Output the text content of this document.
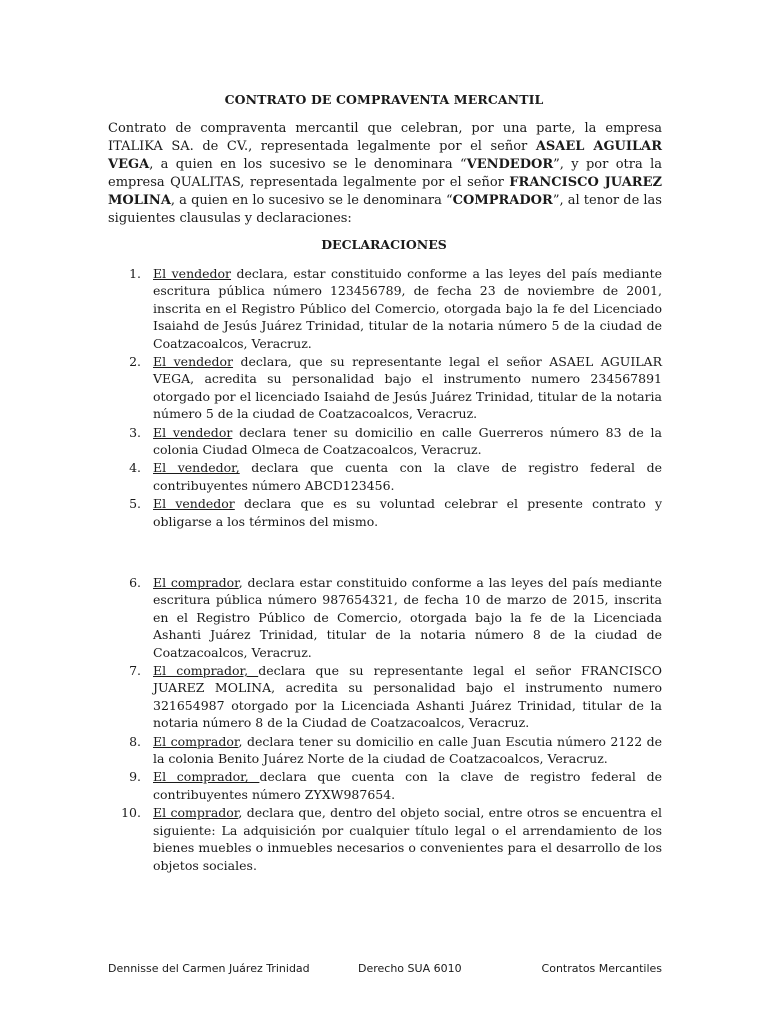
CONTRATO DE COMPRAVENTA MERCANTIL

Contrato de compraventa mercantil que celebran, por una parte, la empresa ITALIKA SA. de CV., representada legalmente por el señor ASAEL AGUILAR VEGA, a quien en los sucesivo se le denominara “VENDEDOR”, y por otra la empresa QUALITAS, representada legalmente por el señor FRANCISCO JUAREZ MOLINA, a quien en lo sucesivo se le denominara “COMPRADOR”, al tenor de las siguientes clausulas y declaraciones:

DECLARACIONES
1. El vendedor declara, estar constituido conforme a las leyes del país mediante escritura pública número 123456789, de fecha 23 de noviembre de 2001, inscrita en el Registro Público del Comercio, otorgada bajo la fe del Licenciado Isaiahd de Jesús Juárez Trinidad, titular de la notaria número 5 de la ciudad de Coatzacoalcos, Veracruz.
2. El vendedor declara, que su representante legal el señor ASAEL AGUILAR VEGA, acredita su personalidad bajo el instrumento numero 234567891 otorgado por el licenciado Isaiahd de Jesús Juárez Trinidad, titular de la notaria número 5 de la ciudad de Coatzacoalcos, Veracruz.
3. El vendedor declara tener su domicilio en calle Guerreros número 83 de la colonia Ciudad Olmeca de Coatzacoalcos, Veracruz.
4. El vendedor, declara que cuenta con la clave de registro federal de contribuyentes número ABCD123456.
5. El vendedor declara que es su voluntad celebrar el presente contrato y obligarse a los términos del mismo.
6. El comprador, declara estar constituido conforme a las leyes del país mediante escritura pública número 987654321, de fecha 10 de marzo de 2015, inscrita en el Registro Público de Comercio, otorgada bajo la fe de la Licenciada Ashanti Juárez Trinidad, titular de la notaria número 8 de la ciudad de Coatzacoalcos, Veracruz.
7. El comprador, declara que su representante legal el señor FRANCISCO JUAREZ MOLINA, acredita su personalidad bajo el instrumento numero 321654987 otorgado por la Licenciada Ashanti Juárez Trinidad, titular de la notaria número 8 de la Ciudad de Coatzacoalcos, Veracruz.
8. El comprador, declara tener su domicilio en calle Juan Escutia número 2122 de la colonia Benito Juárez Norte de la ciudad de Coatzacoalcos, Veracruz.
9. El comprador, declara que cuenta con la clave de registro federal de contribuyentes número ZYXW987654.
10. El comprador, declara que, dentro del objeto social, entre otros se encuentra el siguiente: La adquisición por cualquier título legal o el arrendamiento de los bienes muebles o inmuebles necesarios o convenientes para el desarrollo de los objetos sociales.
Dennisse del Carmen Juárez Trinidad	Derecho SUA 6010	Contratos Mercantiles
